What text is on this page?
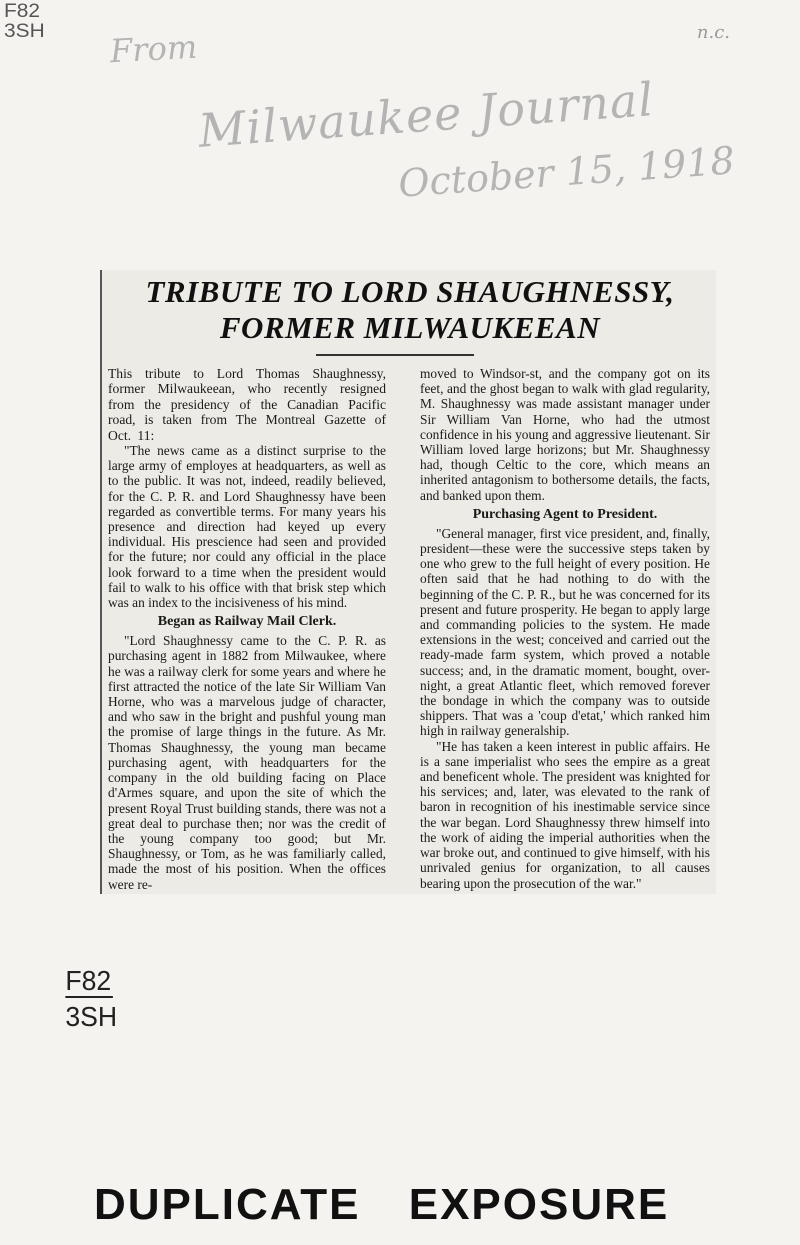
F82
3SH	n.c.
From
Milwaukee Journal
October 15, 1918
TRIBUTE TO LORD SHAUGHNESSY,
FORMER MILWAUKEEAN

This tribute to Lord Thomas Shaughnessy, former Milwaukeean, who recently resigned from the presidency of the Canadian Pacific road, is taken from The Montreal Gazette of Oct. 11:

"The news came as a distinct surprise to the large army of employes at headquarters, as well as to the public. It was not, indeed, readily believed, for the C. P. R. and Lord Shaughnessy have been regarded as convertible terms. For many years his presence and direction had keyed up every individual. His prescience had seen and provided for the future; nor could any official in the place look forward to a time when the president would fail to walk to his office with that brisk step which was an index to the incisiveness of his mind.

Began as Railway Mail Clerk.

"Lord Shaughnessy came to the C. P. R. as purchasing agent in 1882 from Milwaukee, where he was a railway clerk for some years and where he first attracted the notice of the late Sir William Van Horne, who was a marvelous judge of character, and who saw in the bright and pushful young man the promise of large things in the future. As Mr. Thomas Shaughnessy, the young man became purchasing agent, with headquarters for the company in the old building facing on Place d'Armes square, and upon the site of which the present Royal Trust building stands, there was not a great deal to purchase then; nor was the credit of the young company too good; but Mr. Shaughnessy, or Tom, as he was familiarly called, made the most of his position. When the offices were re-

moved to Windsor-st, and the company got on its feet, and the ghost began to walk with glad regularity, M. Shaughnessy was made assistant manager under Sir William Van Horne, who had the utmost confidence in his young and aggressive lieutenant. Sir William loved large horizons; but Mr. Shaughnessy had, though Celtic to the core, which means an inherited antagonism to bothersome details, the facts, and banked upon them.

Purchasing Agent to President.

"General manager, first vice president, and, finally, president—these were the successive steps taken by one who grew to the full height of every position. He often said that he had nothing to do with the beginning of the C. P. R., but he was concerned for its present and future prosperity. He began to apply large and commanding policies to the system. He made extensions in the west; conceived and carried out the ready-made farm system, which proved a notable success; and, in the dramatic moment, bought, over-night, a great Atlantic fleet, which removed forever the bondage in which the company was to outside shippers. That was a 'coup d'etat,' which ranked him high in railway generalship.

"He has taken a keen interest in public affairs. He is a sane imperialist who sees the empire as a great and beneficent whole. The president was knighted for his services; and, later, was elevated to the rank of baron in recognition of his inestimable service since the war began. Lord Shaughnessy threw himself into the work of aiding the imperial authorities when the war broke out, and continued to give himself, with his unrivaled genius for organization, to all causes bearing upon the prosecution of the war."

F82
3SH
DUPLICATE EXPOSURE
